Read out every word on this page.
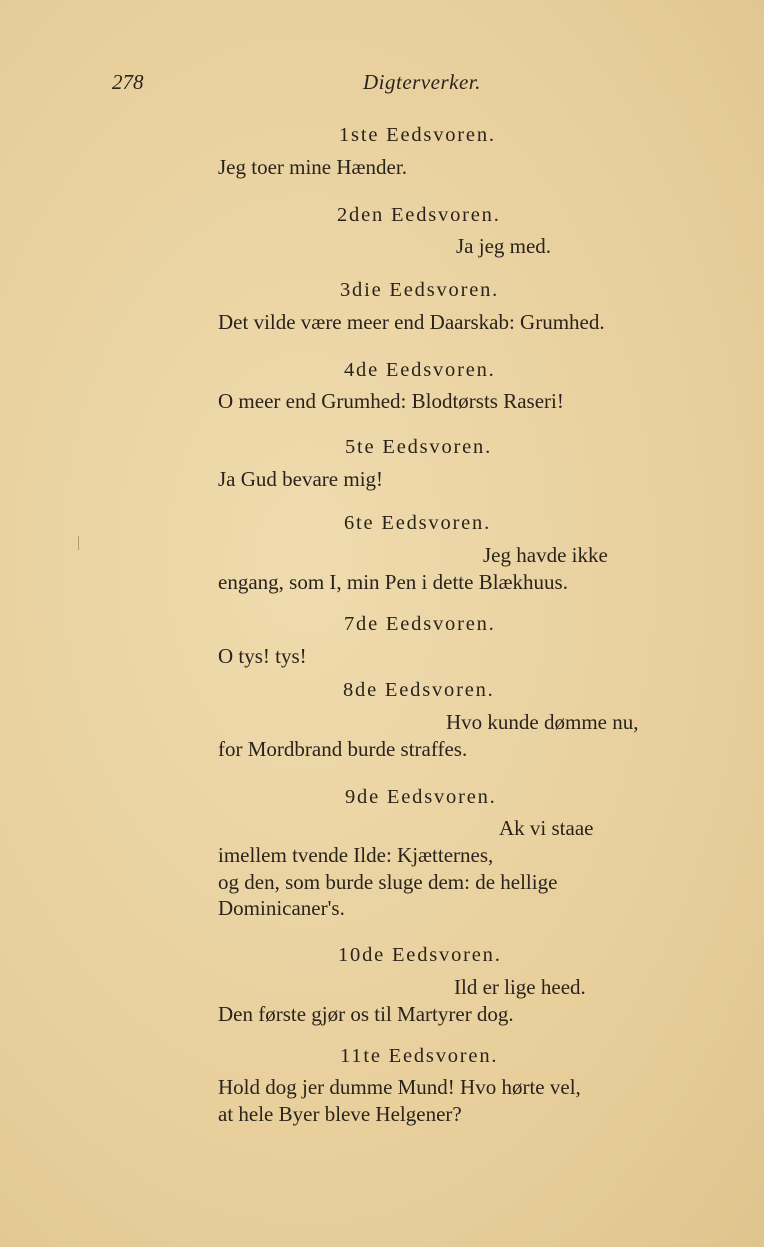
278	Digterverker.
1ste Eedsvoren.
Jeg toer mine Hænder.
2den Eedsvoren.
Ja jeg med.
3die Eedsvoren.
Det vilde være meer end Daarskab: Grumhed.
4de Eedsvoren.
O meer end Grumhed: Blodtørsts Raseri!
5te Eedsvoren.
Ja Gud bevare mig!
6te Eedsvoren.
Jeg havde ikke
engang, som I, min Pen i dette Blækhuus.
7de Eedsvoren.
O tys! tys!
8de Eedsvoren.
Hvo kunde dømme nu,
for Mordbrand burde straffes.
9de Eedsvoren.
Ak vi staae
imellem tvende Ilde: Kjætternes,
og den, som burde sluge dem: de hellige
Dominicaner's.
10de Eedsvoren.
Ild er lige heed.
Den første gjør os til Martyrer dog.
11te Eedsvoren.
Hold dog jer dumme Mund! Hvo hørte vel,
at hele Byer bleve Helgener?
